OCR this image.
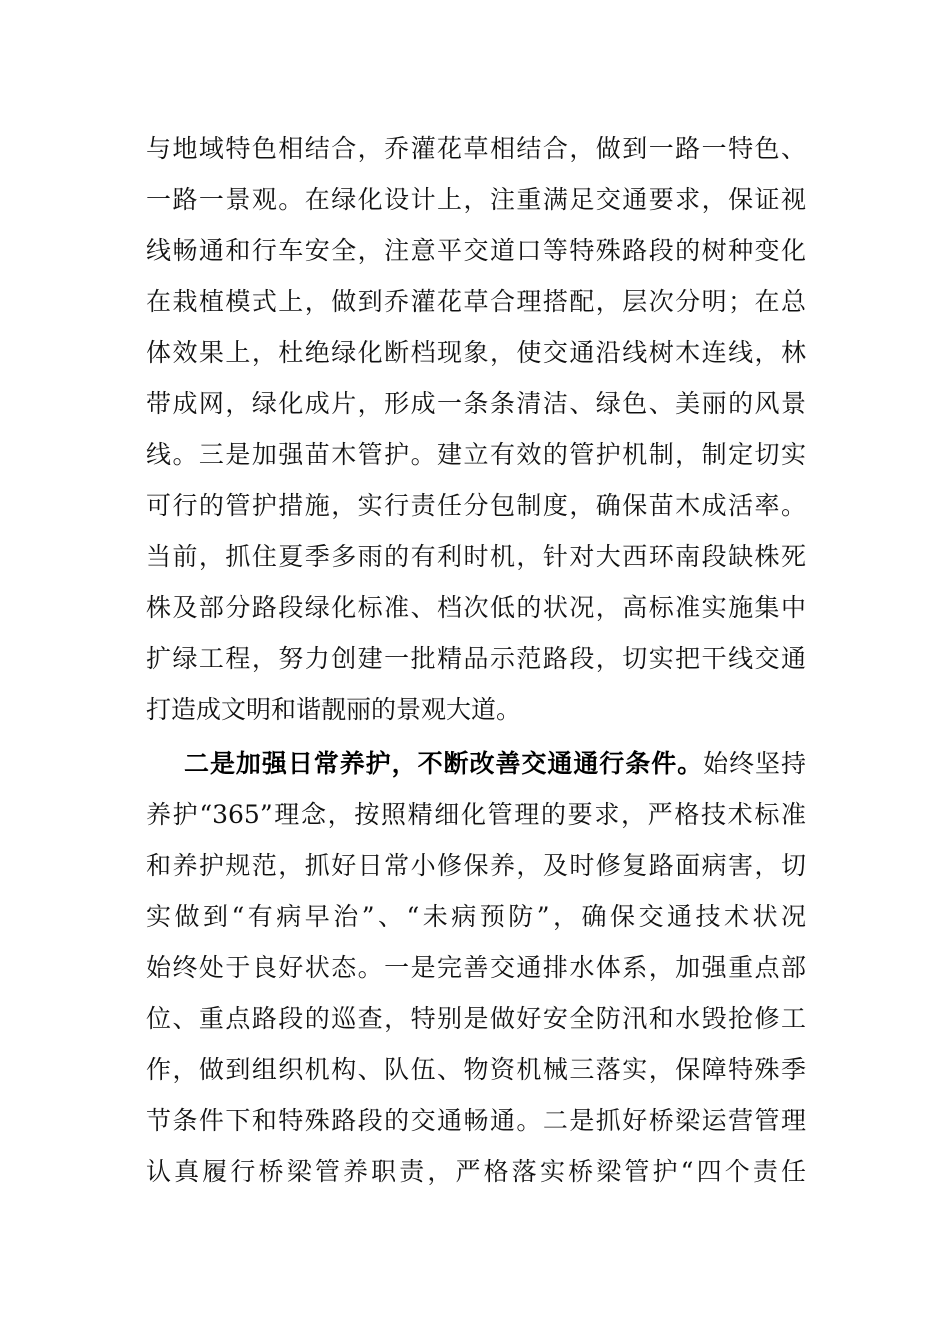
与地域特色相结合，乔灌花草相结合，做到一路一特色、
一路一景观。在绿化设计上，注重满足交通要求，保证视
线畅通和行车安全，注意平交道口等特殊路段的树种变化
在栽植模式上，做到乔灌花草合理搭配，层次分明；在总
体效果上，杜绝绿化断档现象，使交通沿线树木连线，林
带成网，绿化成片，形成一条条清洁、绿色、美丽的风景
线。三是加强苗木管护。建立有效的管护机制，制定切实
可行的管护措施，实行责任分包制度，确保苗木成活率。
当前，抓住夏季多雨的有利时机，针对大西环南段缺株死
株及部分路段绿化标准、档次低的状况，高标准实施集中
扩绿工程，努力创建一批精品示范路段，切实把干线交通
打造成文明和谐靓丽的景观大道。
二是加强日常养护，不断改善交通通行条件。始终坚持
养护“365”理念，按照精细化管理的要求，严格技术标准
和养护规范，抓好日常小修保养，及时修复路面病害，切
实做到“有病早治”、“未病预防”，确保交通技术状况
始终处于良好状态。一是完善交通排水体系，加强重点部
位、重点路段的巡查，特别是做好安全防汛和水毁抢修工
作，做到组织机构、队伍、物资机械三落实，保障特殊季
节条件下和特殊路段的交通畅通。二是抓好桥梁运营管理
认真履行桥梁管养职责，严格落实桥梁管护“四个责任
